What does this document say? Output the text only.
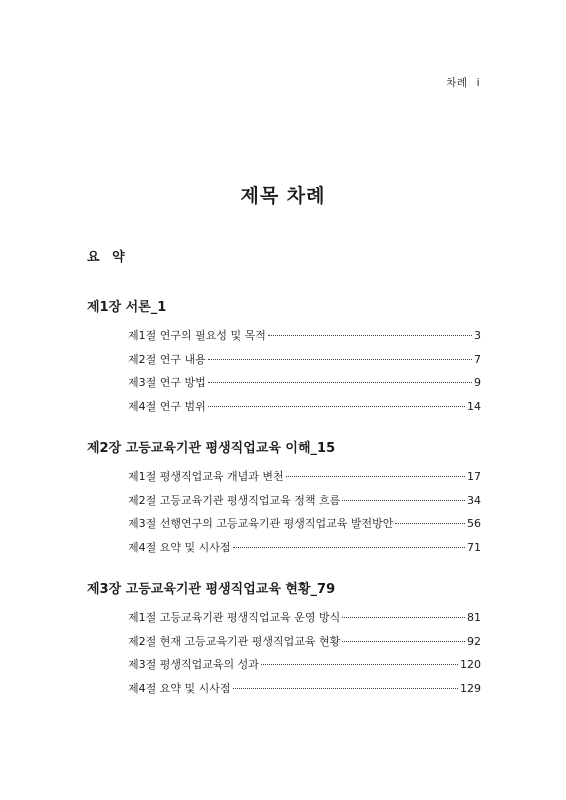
차례 i
제목 차례
요 약
제1장 서론_1
제1절 연구의 필요성 및 목적	3
제2절 연구 내용	7
제3절 연구 방법	9
제4절 연구 범위	14
제2장 고등교육기관 평생직업교육 이해_15
제1절 평생직업교육 개념과 변천	17
제2절 고등교육기관 평생직업교육 정책 흐름	34
제3절 선행연구의 고등교육기관 평생직업교육 발전방안	56
제4절 요약 및 시사점	71
제3장 고등교육기관 평생직업교육 현황_79
제1절 고등교육기관 평생직업교육 운영 방식	81
제2절 현재 고등교육기관 평생직업교육 현황	92
제3절 평생직업교육의 성과	120
제4절 요약 및 시사점	129
